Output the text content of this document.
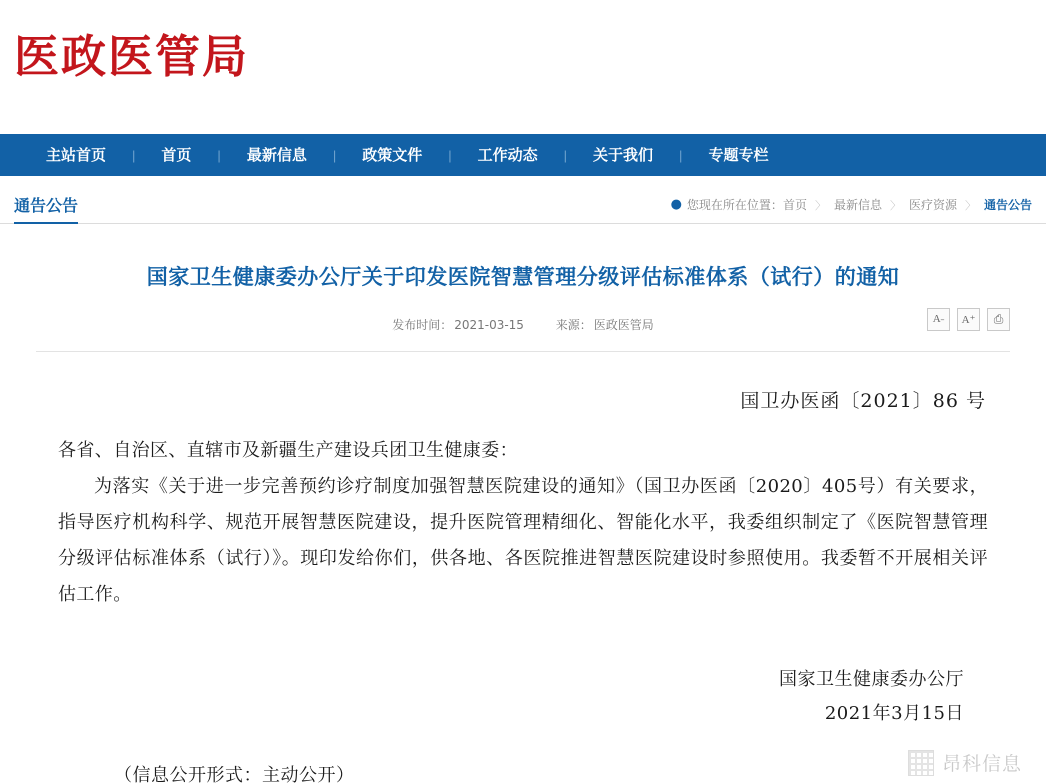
医政医管局
主站首页	|	首页	|	最新信息	|	政策文件	|	工作动态	|	关于我们	|	专题专栏
通告公告	● 您现在所在位置： 首页 〉 最新信息 〉 医疗资源 〉 通告公告
国家卫生健康委办公厅关于印发医院智慧管理分级评估标准体系（试行）的通知
发布时间： 2021-03-15	来源： 医政医管局	A˗	A⁺	⎙
国卫办医函〔2021〕86 号

各省、自治区、直辖市及新疆生产建设兵团卫生健康委：

为落实《关于进一步完善预约诊疗制度加强智慧医院建设的通知》（国卫办医函〔2020〕405号）有关要求，指导医疗机构科学、规范开展智慧医院建设，提升医院管理精细化、智能化水平，我委组织制定了《医院智慧管理分级评估标准体系（试行）》。现印发给你们，供各地、各医院推进智慧医院建设时参照使用。我委暂不开展相关评估工作。

国家卫生健康委办公厅
2021年3月15日
（信息公开形式：主动公开）
昂科信息
